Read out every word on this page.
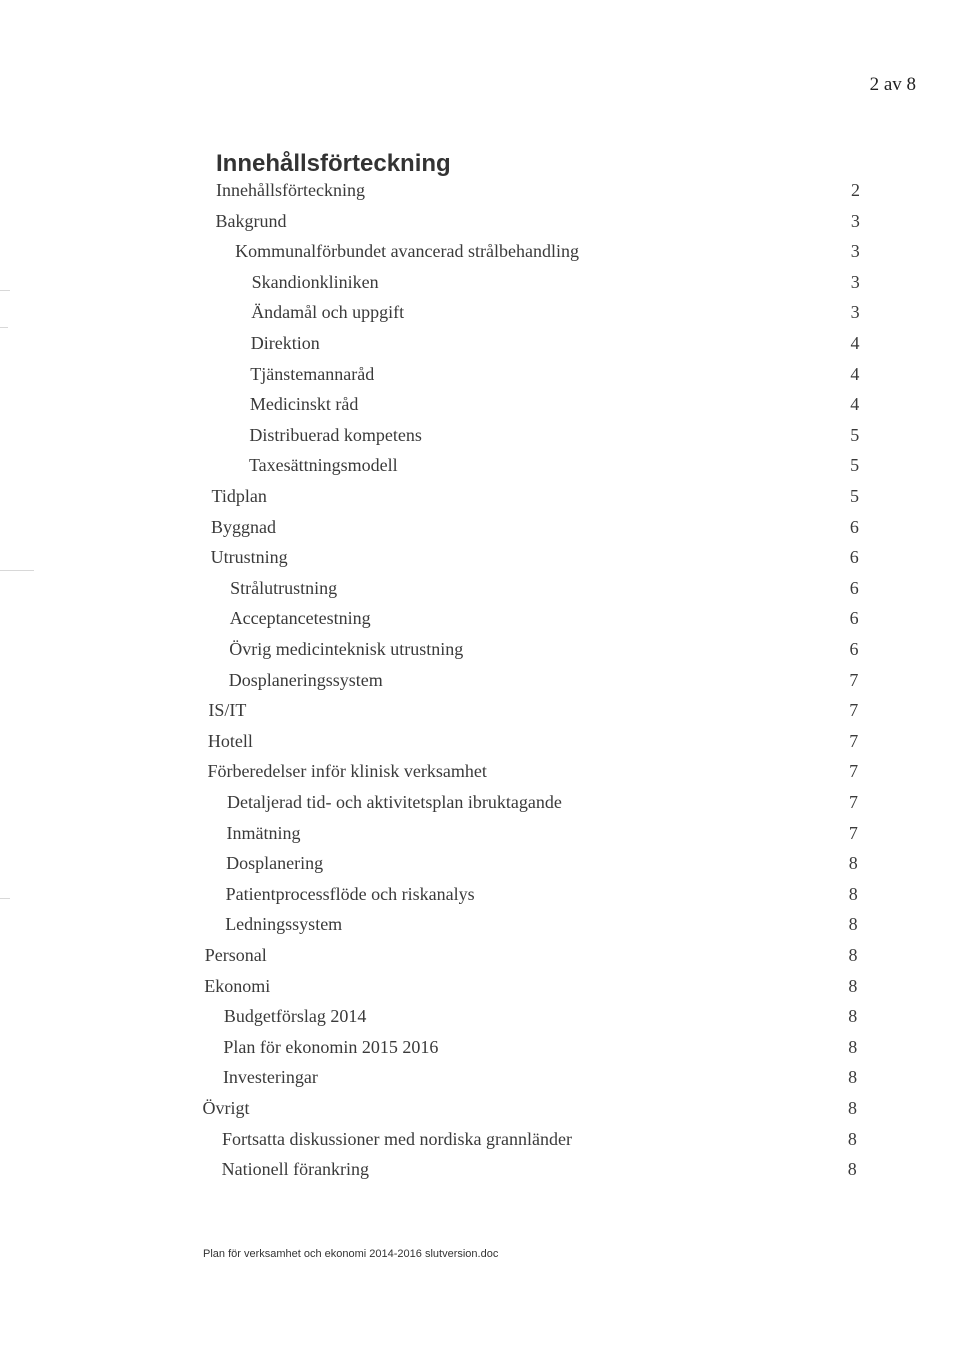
2 av 8
Innehållsförteckning
Innehållsförteckning	2
Bakgrund	3
Kommunalförbundet avancerad strålbehandling	3
Skandionkliniken	3
Ändamål och uppgift	3
Direktion	4
Tjänstemannaråd	4
Medicinskt råd	4
Distribuerad kompetens	5
Taxesättningsmodell	5
Tidplan	5
Byggnad	6
Utrustning	6
Strålutrustning	6
Acceptancetestning	6
Övrig medicinteknisk utrustning	6
Dosplaneringssystem	7
IS/IT	7
Hotell	7
Förberedelser inför klinisk verksamhet	7
Detaljerad tid- och aktivitetsplan ibruktagande	7
Inmätning	7
Dosplanering	8
Patientprocessflöde och riskanalys	8
Ledningssystem	8
Personal	8
Ekonomi	8
Budgetförslag 2014	8
Plan för ekonomin 2015 2016	8
Investeringar	8
Övrigt	8
Fortsatta diskussioner med nordiska grannländer	8
Nationell förankring	8
Plan för verksamhet och ekonomi 2014-2016 slutversion.doc
